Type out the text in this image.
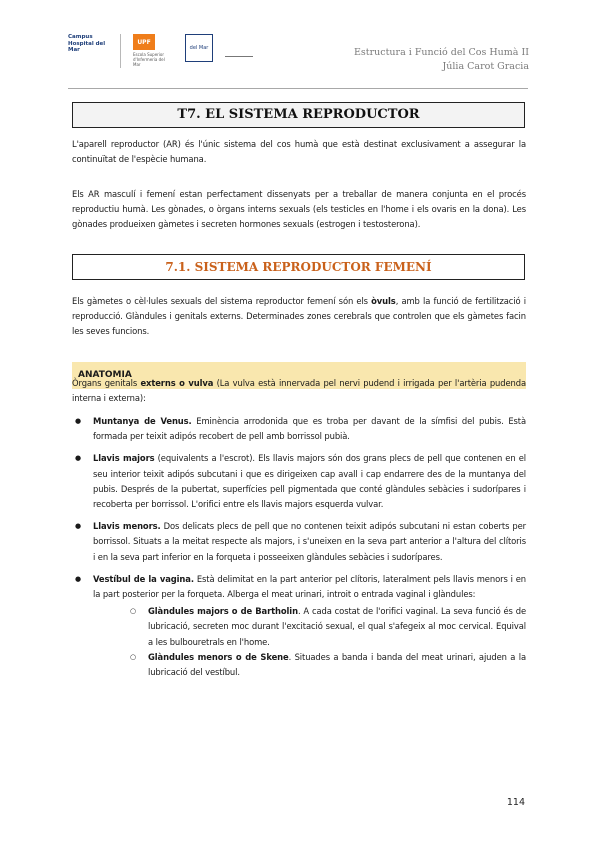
Campus Hospital del Mar
UPF
Escola Superior d'Infermeria del Mar
del Mar	Estructura i Funció del Cos Humà II
Júlia Carot Gracia
T7. EL SISTEMA REPRODUCTOR

L'aparell reproductor (AR) és l'únic sistema del cos humà que està destinat exclusivament a assegurar la continuïtat de l'espècie humana.

Els AR masculí i femení estan perfectament dissenyats per a treballar de manera conjunta en el procés reproductiu humà. Les gònades, o òrgans interns sexuals (els testicles en l'home i els ovaris en la dona). Les gònades produeixen gàmetes i secreten hormones sexuals (estrogen i testosterona).

7.1. SISTEMA REPRODUCTOR FEMENÍ

Els gàmetes o cèl·lules sexuals del sistema reproductor femení són els òvuls, amb la funció de fertilització i reproducció. Glàndules i genitals externs. Determinades zones cerebrals que controlen que els gàmetes facin les seves funcions.

ANATOMIA

Òrgans genitals externs o vulva (La vulva està innervada pel nervi pudend i irrigada per l'artèria pudenda interna i externa):

● Muntanya de Venus. Eminència arrodonida que es troba per davant de la símfisi del pubis. Està formada per teixit adipós recobert de pell amb borrissol pubià.
● Llavis majors (equivalents a l'escrot). Els llavis majors són dos grans plecs de pell que contenen en el seu interior teixit adipós subcutani i que es dirigeixen cap avall i cap endarrere des de la muntanya del pubis. Després de la pubertat, superfícies pell pigmentada que conté glàndules sebàcies i sudorípares i recoberta per borrissol. L'orifici entre els llavis majors esquerda vulvar.
● Llavis menors. Dos delicats plecs de pell que no contenen teixit adipós subcutani ni estan coberts per borrissol. Situats a la meitat respecte als majors, i s'uneixen en la seva part anterior a l'altura del clítoris i en la seva part inferior en la forqueta i posseeixen glàndules sebàcies i sudorípares.
● Vestíbul de la vagina. Està delimitat en la part anterior pel clítoris, lateralment pels llavis menors i en la part posterior per la forqueta. Alberga el meat urinari, introit o entrada vaginal i glàndules:
○ Glàndules majors o de Bartholin. A cada costat de l'orifici vaginal. La seva funció és de lubricació, secreten moc durant l'excitació sexual, el qual s'afegeix al moc cervical. Equival a les bulbouretrals en l'home.
○ Glàndules menors o de Skene. Situades a banda i banda del meat urinari, ajuden a la lubricació del vestíbul.
114
